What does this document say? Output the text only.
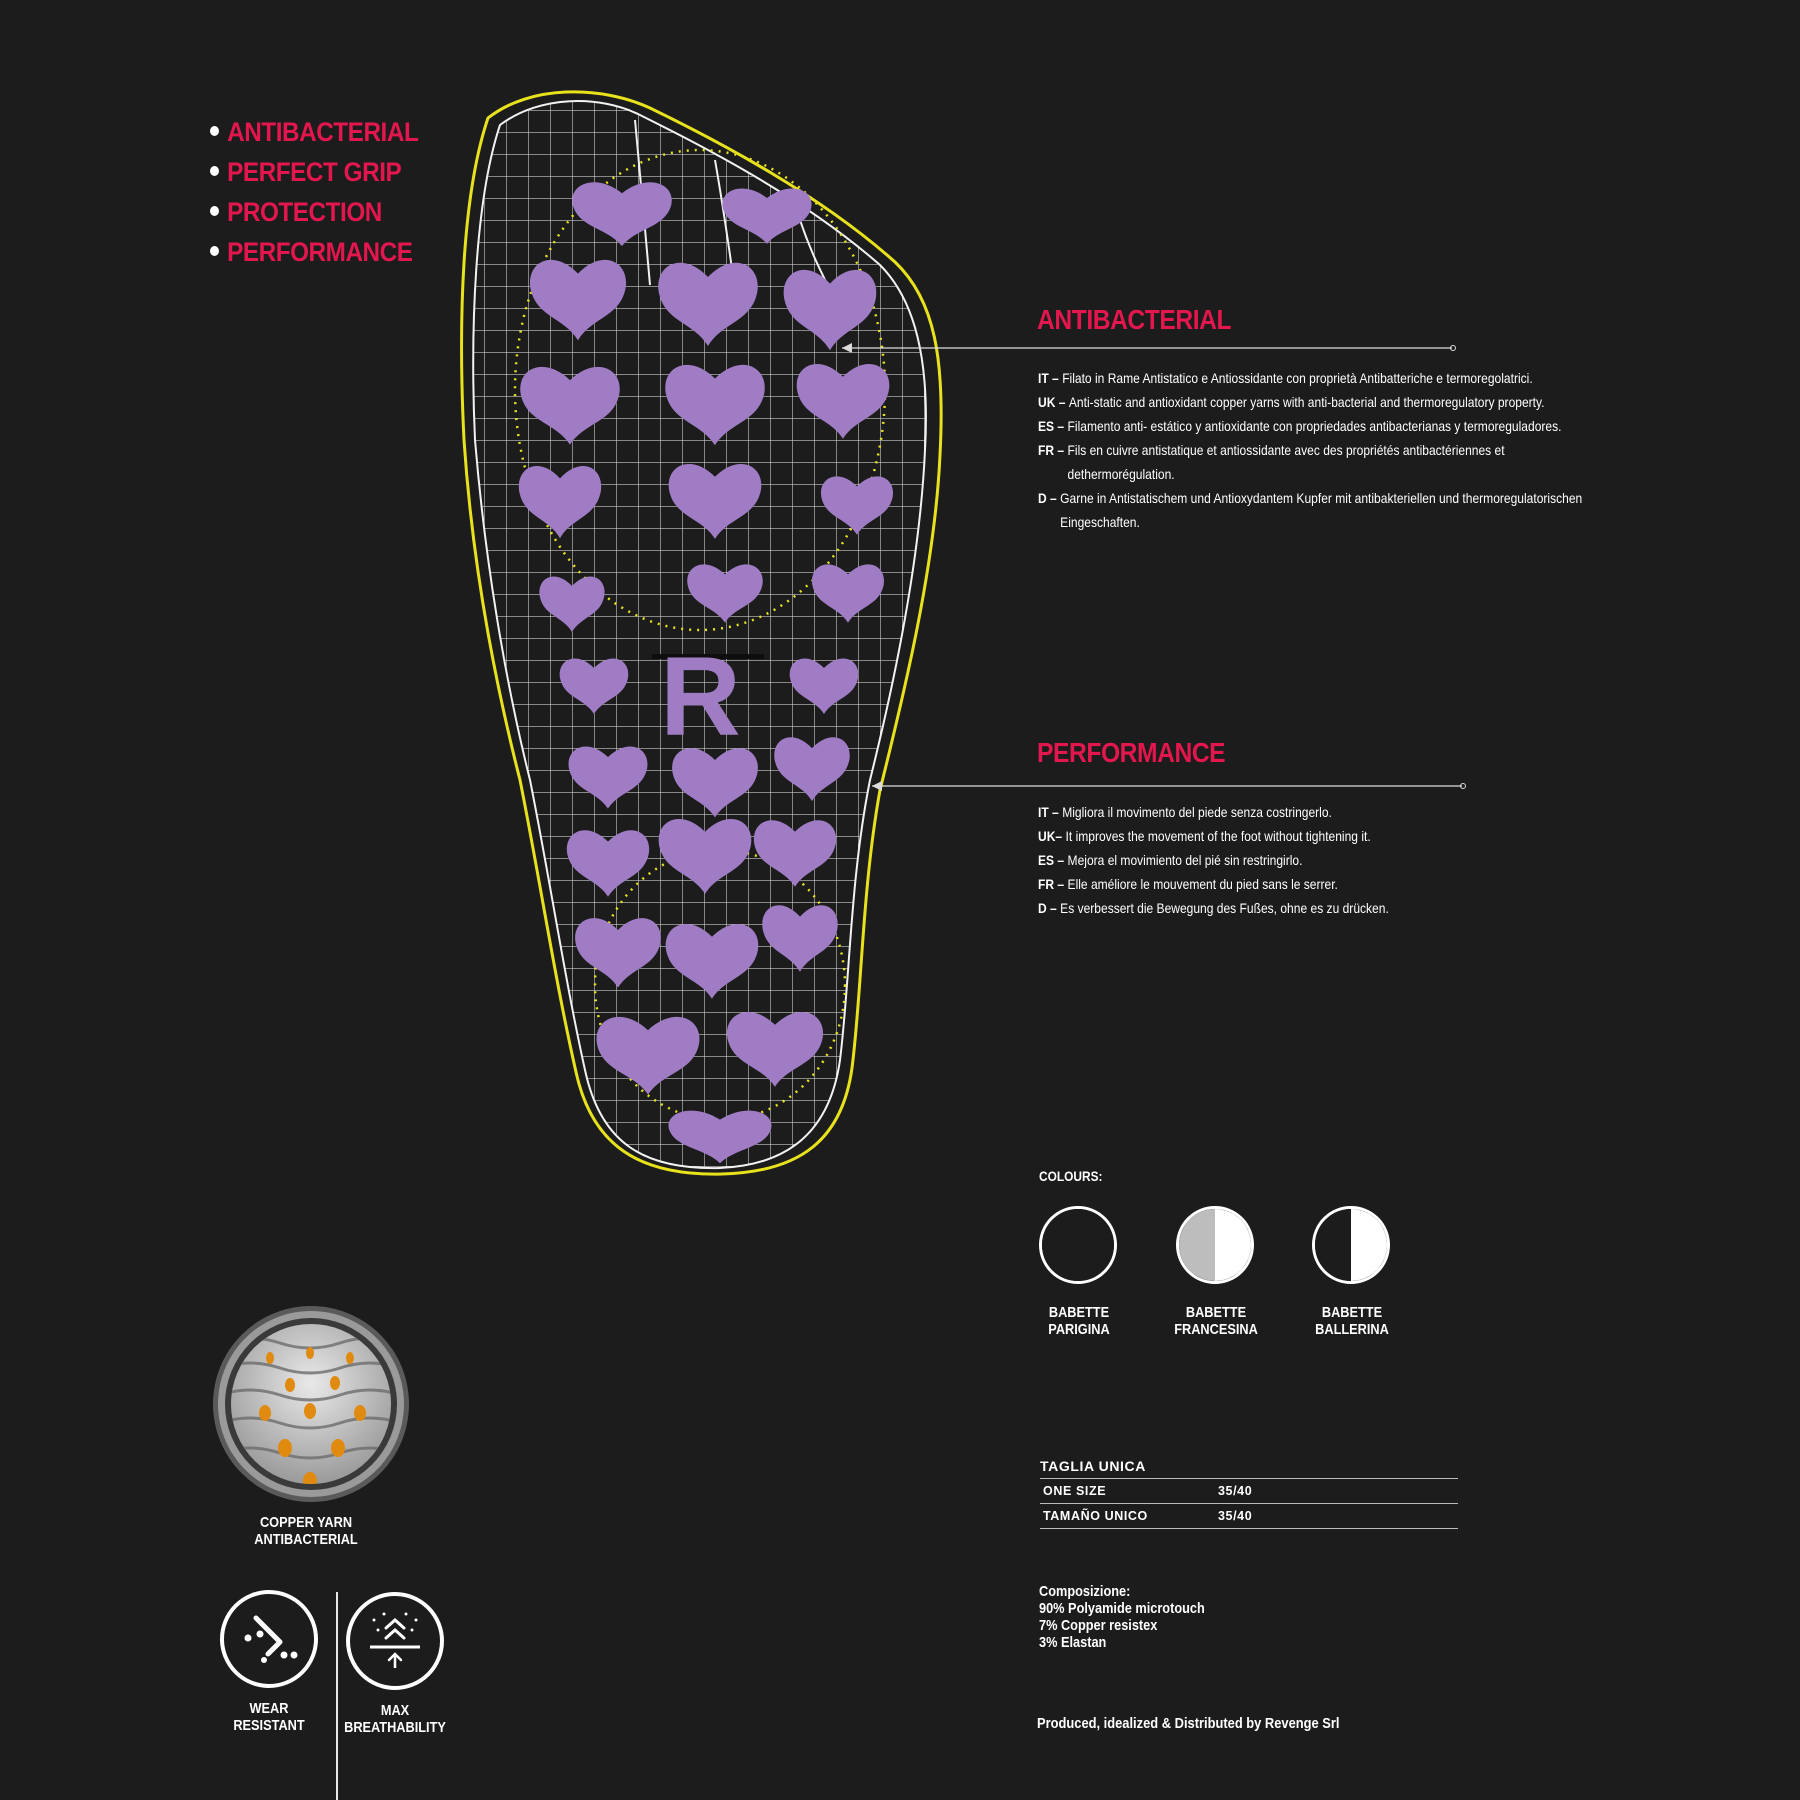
ANTIBACTERIAL
PERFECT GRIP
PROTECTION
PERFORMANCE
R
ANTIBACTERIAL
IT – Filato in Rame Antistatico e Antiossidante con proprietà Antibatteriche e termoregolatrici.
UK – Anti-static and antioxidant copper yarns with anti-bacterial and thermoregulatory property.
ES – Filamento anti- estático y antioxidante con propriedades antibacterianas y termoreguladores.
FR – Fils en cuivre antistatique et antiossidante avec des propriétés antibactériennes et dethermorégulation.
D – Garne in Antistatischem und Antioxydantem Kupfer mit antibakteriellen und thermoregulatorischen Eingeschaften.
PERFORMANCE
IT – Migliora il movimento del piede senza costringerlo.
UK– It improves the movement of the foot without tightening it.
ES – Mejora el movimiento del pié sin restringirlo.
FR – Elle améliore le mouvement du pied sans le serrer.
D – Es verbessert die Bewegung des Fußes, ohne es zu drücken.
COPPER YARN ANTIBACTERIAL
WEAR
RESISTANT
MAX
BREATHABILITY
COLOURS:
BABETTE
PARIGINA
BABETTE
FRANCESINA
BABETTE
BALLERINA
TAGLIA UNICA
ONE SIZE	35/40
TAMAÑO UNICO	35/40
Composizione:
90% Polyamide microtouch
7% Copper resistex
3% Elastan
Produced, idealized & Distributed by Revenge Srl
